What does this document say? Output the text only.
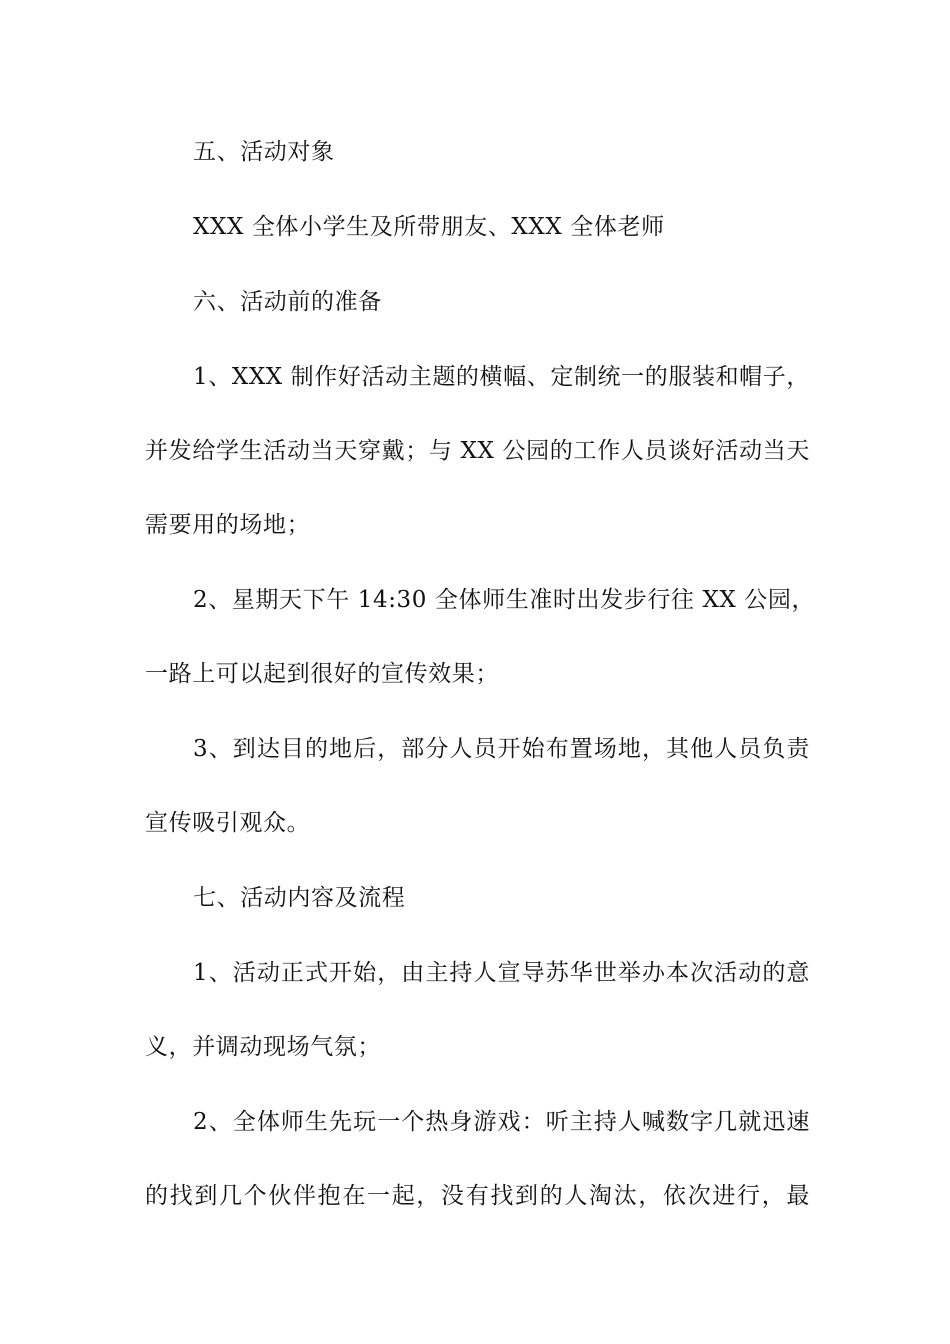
五、活动对象
XXX 全体小学生及所带朋友、XXX 全体老师
六、活动前的准备
1、XXX 制作好活动主题的横幅、定制统一的服装和帽子，
并发给学生活动当天穿戴；与 XX 公园的工作人员谈好活动当天
需要用的场地；
2、星期天下午 14:30 全体师生准时出发步行往 XX 公园，
一路上可以起到很好的宣传效果；
3、到达目的地后，部分人员开始布置场地，其他人员负责
宣传吸引观众。
七、活动内容及流程
1、活动正式开始，由主持人宣导苏华世举办本次活动的意
义，并调动现场气氛；
2、全体师生先玩一个热身游戏：听主持人喊数字几就迅速
的找到几个伙伴抱在一起，没有找到的人淘汰，依次进行，最
